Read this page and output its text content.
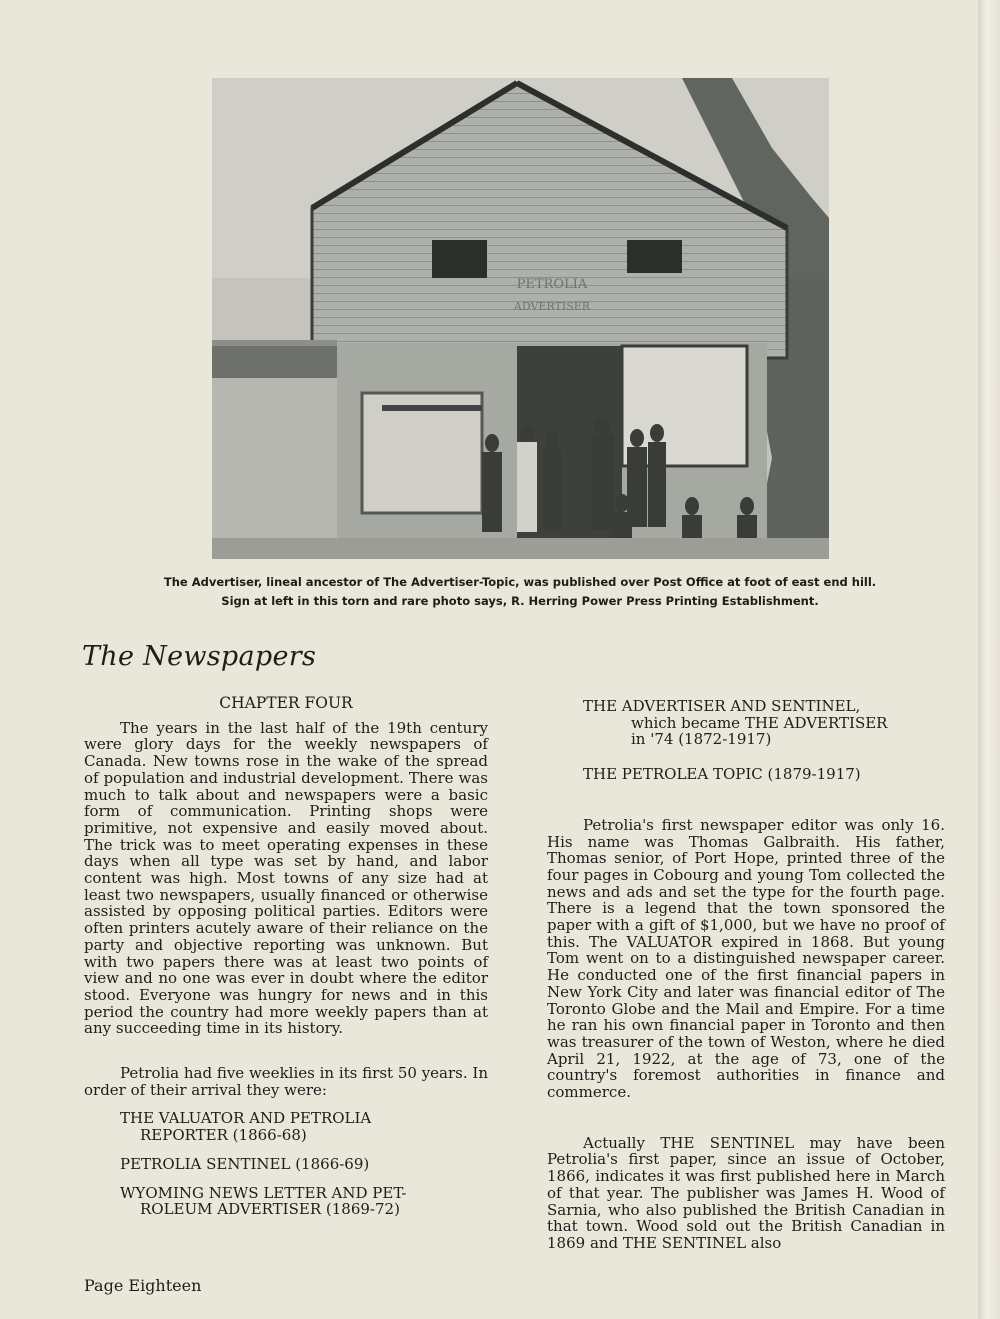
PETROLIA
ADVERTISER
The Advertiser, lineal ancestor of The Advertiser-Topic, was published over Post Office at foot of east end hill.
Sign at left in this torn and rare photo says, R. Herring Power Press Printing Establishment.
The Newspapers

CHAPTER FOUR

The years in the last half of the 19th century were glory days for the weekly newspapers of Canada. New towns rose in the wake of the spread of population and industrial development. There was much to talk about and newspapers were a basic form of communication. Printing shops were primitive, not expensive and easily moved about. The trick was to meet operating expenses in these days when all type was set by hand, and labor content was high. Most towns of any size had at least two newspapers, usually financed or otherwise assisted by opposing political parties. Editors were often printers acutely aware of their reliance on the party and objective reporting was unknown. But with two papers there was at least two points of view and no one was ever in doubt where the editor stood. Everyone was hungry for news and in this period the country had more weekly papers than at any succeeding time in its history.

Petrolia had five weeklies in its first 50 years. In order of their arrival they were:

THE VALUATOR AND PETROLIA
REPORTER (1866-68)
PETROLIA SENTINEL (1866-69)
WYOMING NEWS LETTER AND PET-
ROLEUM ADVERTISER (1869-72)

THE ADVERTISER AND SENTINEL,

which became THE ADVERTISER

in '74 (1872-1917)

THE PETROLEA TOPIC (1879-1917)

Petrolia's first newspaper editor was only 16. His name was Thomas Galbraith. His father, Thomas senior, of Port Hope, printed three of the four pages in Cobourg and young Tom collected the news and ads and set the type for the fourth page. There is a legend that the town sponsored the paper with a gift of $1,000, but we have no proof of this. The VALUATOR expired in 1868. But young Tom went on to a distinguished newspaper career. He conducted one of the first financial papers in New York City and later was financial editor of The Toronto Globe and the Mail and Empire. For a time he ran his own financial paper in Toronto and then was treasurer of the town of Weston, where he died April 21, 1922, at the age of 73, one of the country's foremost authorities in finance and commerce.

Actually THE SENTINEL may have been Petrolia's first paper, since an issue of October, 1866, indicates it was first published here in March of that year. The publisher was James H. Wood of Sarnia, who also published the British Canadian in that town. Wood sold out the British Canadian in 1869 and THE SENTINEL also

Page Eighteen
